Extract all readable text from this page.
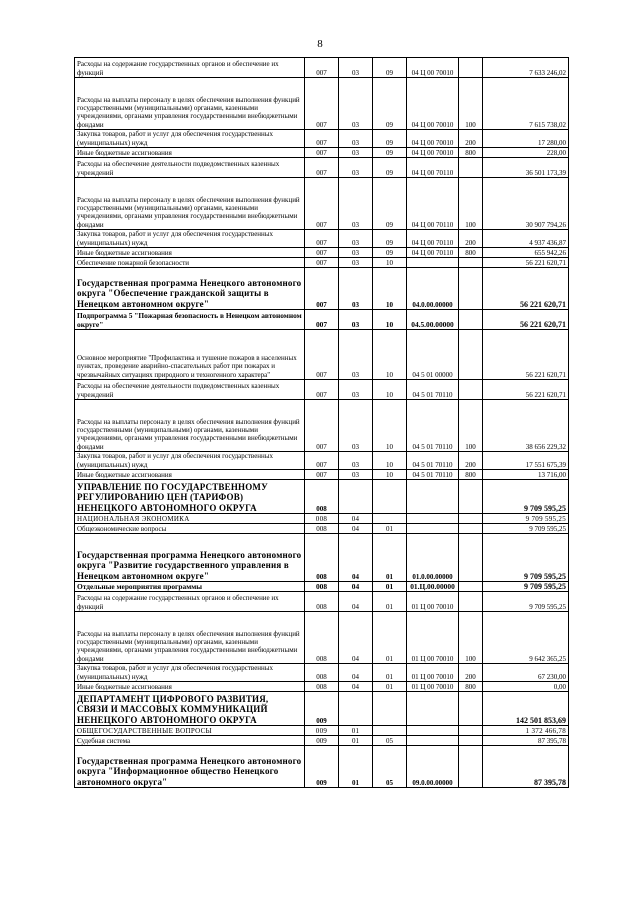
8
Расходы на содержание государственных органов и обеспечение их функций	007	03	09	04 Ц 00 70010		7 633 246,02
Расходы на выплаты персоналу в целях обеспечения выполнения функций государственными (муниципальными) органами, казенными учреждениями, органами управления государственными внебюджетными фондами	007	03	09	04 Ц 00 70010	100	7 615 738,02
Закупка товаров, работ и услуг для обеспечения государственных (муниципальных) нужд	007	03	09	04 Ц 00 70010	200	17 280,00
Иные бюджетные ассигнования	007	03	09	04 Ц 00 70010	800	228,00
Расходы на обеспечение деятельности подведомственных казенных учреждений	007	03	09	04 Ц 00 70110		36 501 173,39
Расходы на выплаты персоналу в целях обеспечения выполнения функций государственными (муниципальными) органами, казенными учреждениями, органами управления государственными внебюджетными фондами	007	03	09	04 Ц 00 70110	100	30 907 794,26
Закупка товаров, работ и услуг для обеспечения государственных (муниципальных) нужд	007	03	09	04 Ц 00 70110	200	4 937 436,87
Иные бюджетные ассигнования	007	03	09	04 Ц 00 70110	800	655 942,26
Обеспечение пожарной безопасности	007	03	10			56 221 620,71
Государственная программа Ненецкого автономного округа "Обеспечение гражданской защиты в Ненецком автономном округе"	007	03	10	04.0.00.00000		56 221 620,71
Подпрограмма 5 "Пожарная безопасность в Ненецком автономном округе"	007	03	10	04.5.00.00000		56 221 620,71
Основное мероприятие "Профилактика и тушение пожаров в населенных пунктах, проведение аварийно-спасательных работ при пожарах и чрезвычайных ситуациях природного и техногенного характера"	007	03	10	04 5 01 00000		56 221 620,71
Расходы на обеспечение деятельности подведомственных казенных учреждений	007	03	10	04 5 01 70110		56 221 620,71
Расходы на выплаты персоналу в целях обеспечения выполнения функций государственными (муниципальными) органами, казенными учреждениями, органами управления государственными внебюджетными фондами	007	03	10	04 5 01 70110	100	38 656 229,32
Закупка товаров, работ и услуг для обеспечения государственных (муниципальных) нужд	007	03	10	04 5 01 70110	200	17 551 675,39
Иные бюджетные ассигнования	007	03	10	04 5 01 70110	800	13 716,00
УПРАВЛЕНИЕ ПО ГОСУДАРСТВЕННОМУ РЕГУЛИРОВАНИЮ ЦЕН (ТАРИФОВ) НЕНЕЦКОГО АВТОНОМНОГО ОКРУГА	008					9 709 595,25
НАЦИОНАЛЬНАЯ ЭКОНОМИКА	008	04				9 709 595,25
Общеэкономические вопросы	008	04	01			9 709 595,25
Государственная программа Ненецкого автономного округа "Развитие государственного управления в Ненецком автономном округе"	008	04	01	01.0.00.00000		9 709 595,25
Отдельные мероприятия программы	008	04	01	01.Ц.00.00000		9 709 595,25
Расходы на содержание государственных органов и обеспечение их функций	008	04	01	01 Ц 00 70010		9 709 595,25
Расходы на выплаты персоналу в целях обеспечения выполнения функций государственными (муниципальными) органами, казенными учреждениями, органами управления государственными внебюджетными фондами	008	04	01	01 Ц 00 70010	100	9 642 365,25
Закупка товаров, работ и услуг для обеспечения государственных (муниципальных) нужд	008	04	01	01 Ц 00 70010	200	67 230,00
Иные бюджетные ассигнования	008	04	01	01 Ц 00 70010	800	0,00
ДЕПАРТАМЕНТ ЦИФРОВОГО РАЗВИТИЯ, СВЯЗИ И МАССОВЫХ КОММУНИКАЦИЙ НЕНЕЦКОГО АВТОНОМНОГО ОКРУГА	009					142 501 853,69
ОБЩЕГОСУДАРСТВЕННЫЕ ВОПРОСЫ	009	01				1 372 466,78
Судебная система	009	01	05			87 395,78
Государственная программа Ненецкого автономного округа "Информационное общество Ненецкого автономного округа"	009	01	05	09.0.00.00000		87 395,78
